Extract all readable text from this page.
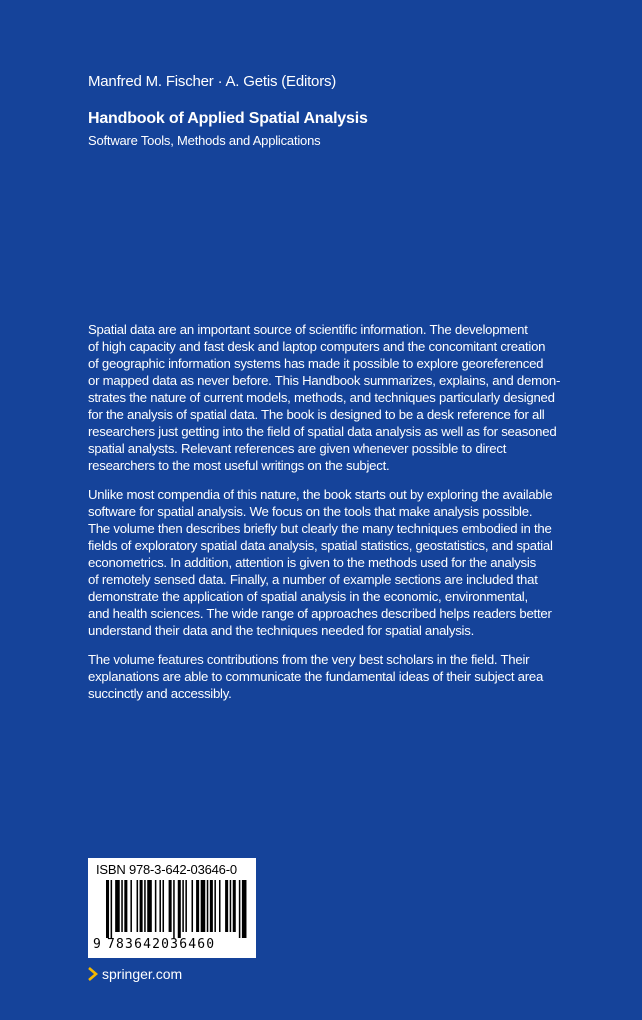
Manfred M. Fischer · A. Getis (Editors)
Handbook of Applied Spatial Analysis
Software Tools, Methods and Applications

Spatial data are an important source of scientific information. The development
of high capacity and fast desk and laptop computers and the concomitant creation
of geographic information systems has made it possible to explore georeferenced
or mapped data as never before. This Handbook summarizes, explains, and demon-
strates the nature of current models, methods, and techniques particularly designed
for the analysis of spatial data. The book is designed to be a desk reference for all
researchers just getting into the field of spatial data analysis as well as for seasoned
spatial analysts. Relevant references are given whenever possible to direct
researchers to the most useful writings on the subject.

Unlike most compendia of this nature, the book starts out by exploring the available
software for spatial analysis. We focus on the tools that make analysis possible.
The volume then describes briefly but clearly the many techniques embodied in the
fields of exploratory spatial data analysis, spatial statistics, geostatistics, and spatial
econometrics. In addition, attention is given to the methods used for the analysis
of remotely sensed data. Finally, a number of example sections are included that
demonstrate the application of spatial analysis in the economic, environmental,
and health sciences. The wide range of approaches described helps readers better
understand their data and the techniques needed for spatial analysis.

The volume features contributions from the very best scholars in the field. Their
explanations are able to communicate the fundamental ideas of their subject area
succinctly and accessibly.

ISBN 978-3-642-03646-0
9 783642036460
springer.com
